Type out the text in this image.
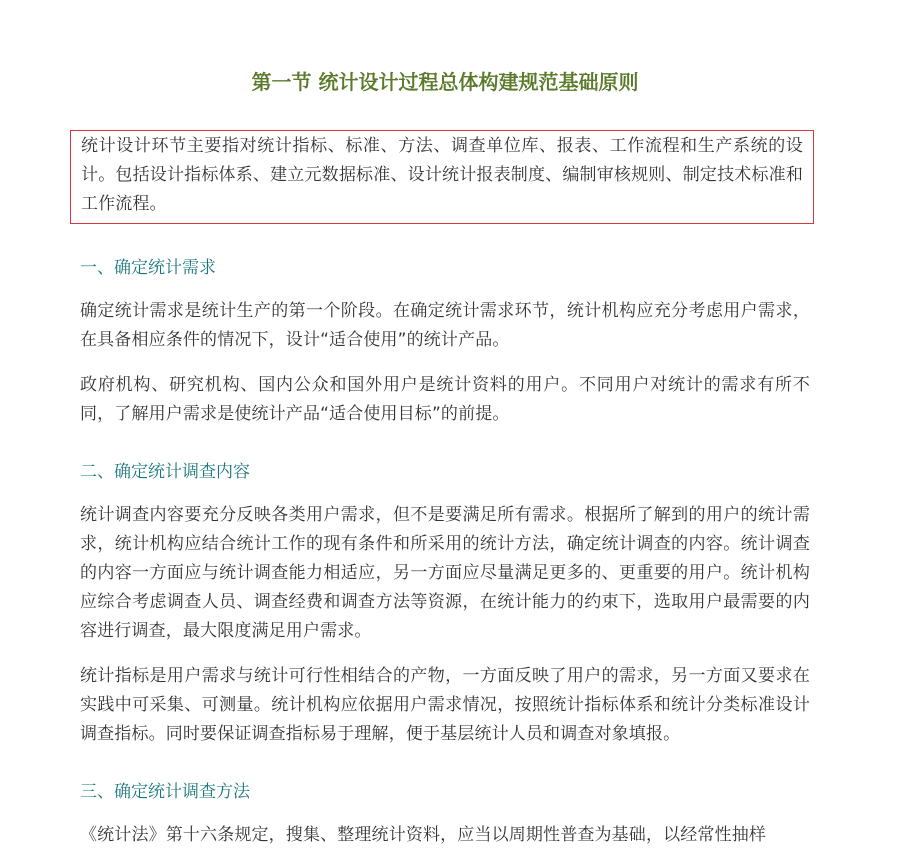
第一节 统计设计过程总体构建规范基础原则

统计设计环节主要指对统计指标、标准、方法、调查单位库、报表、工作流程和生产系统的设计。包括设计指标体系、建立元数据标准、设计统计报表制度、编制审核规则、制定技术标准和工作流程。

一、确定统计需求

确定统计需求是统计生产的第一个阶段。在确定统计需求环节，统计机构应充分考虑用户需求，在具备相应条件的情况下，设计“适合使用”的统计产品。

政府机构、研究机构、国内公众和国外用户是统计资料的用户。不同用户对统计的需求有所不同，了解用户需求是使统计产品“适合使用目标”的前提。

二、确定统计调查内容

统计调查内容要充分反映各类用户需求，但不是要满足所有需求。根据所了解到的用户的统计需求，统计机构应结合统计工作的现有条件和所采用的统计方法，确定统计调查的内容。统计调查的内容一方面应与统计调查能力相适应，另一方面应尽量满足更多的、更重要的用户。统计机构应综合考虑调查人员、调查经费和调查方法等资源，在统计能力的约束下，选取用户最需要的内容进行调查，最大限度满足用户需求。

统计指标是用户需求与统计可行性相结合的产物，一方面反映了用户的需求，另一方面又要求在实践中可采集、可测量。统计机构应依据用户需求情况，按照统计指标体系和统计分类标准设计调查指标。同时要保证调查指标易于理解，便于基层统计人员和调查对象填报。

三、确定统计调查方法

《统计法》第十六条规定，搜集、整理统计资料，应当以周期性普查为基础，以经常性抽样
